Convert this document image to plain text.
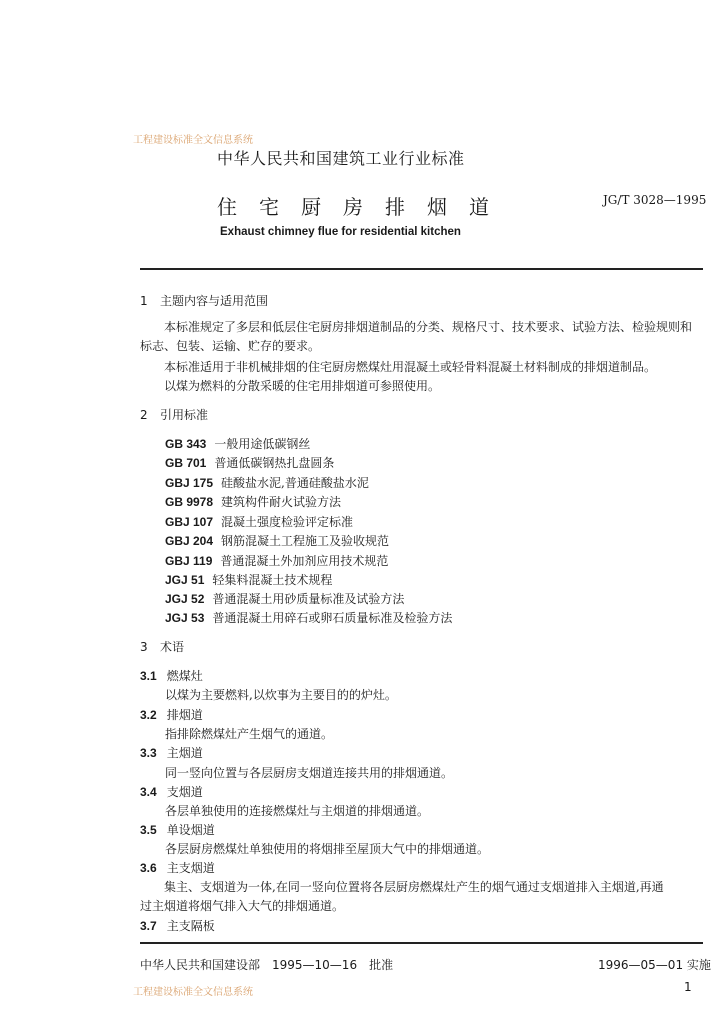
工程建设标准全文信息系统
中华人民共和国建筑工业行业标准
住 宅 厨 房 排 烟 道	JG/T 3028—1995
Exhaust chimney flue for residential kitchen
1 主题内容与适用范围
本标准规定了多层和低层住宅厨房排烟道制品的分类、规格尺寸、技术要求、试验方法、检验规则和
标志、包装、运输、贮存的要求。
本标准适用于非机械排烟的住宅厨房燃煤灶用混凝土或轻骨料混凝土材料制成的排烟道制品。
以煤为燃料的分散采暖的住宅用排烟道可参照使用。
2 引用标准
GB 343 一般用途低碳钢丝
GB 701 普通低碳钢热扎盘圆条
GBJ 175 硅酸盐水泥,普通硅酸盐水泥
GB 9978 建筑构件耐火试验方法
GBJ 107 混凝土强度检验评定标准
GBJ 204 钢筋混凝土工程施工及验收规范
GBJ 119 普通混凝土外加剂应用技术规范
JGJ 51 轻集料混凝土技术规程
JGJ 52 普通混凝土用砂质量标准及试验方法
JGJ 53 普通混凝土用碎石或卵石质量标准及检验方法
3 术语
3.1 燃煤灶
以煤为主要燃料,以炊事为主要目的的炉灶。
3.2 排烟道
指排除燃煤灶产生烟气的通道。
3.3 主烟道
同一竖向位置与各层厨房支烟道连接共用的排烟通道。
3.4 支烟道
各层单独使用的连接燃煤灶与主烟道的排烟通道。
3.5 单设烟道
各层厨房燃煤灶单独使用的将烟排至屋顶大气中的排烟通道。
3.6 主支烟道
集主、支烟道为一体,在同一竖向位置将各层厨房燃煤灶产生的烟气通过支烟道排入主烟道,再通
过主烟道将烟气排入大气的排烟通道。
3.7 主支隔板
中华人民共和国建设部　1995—10—16　批准	1996—05—01 实施
工程建设标准全文信息系统	1
